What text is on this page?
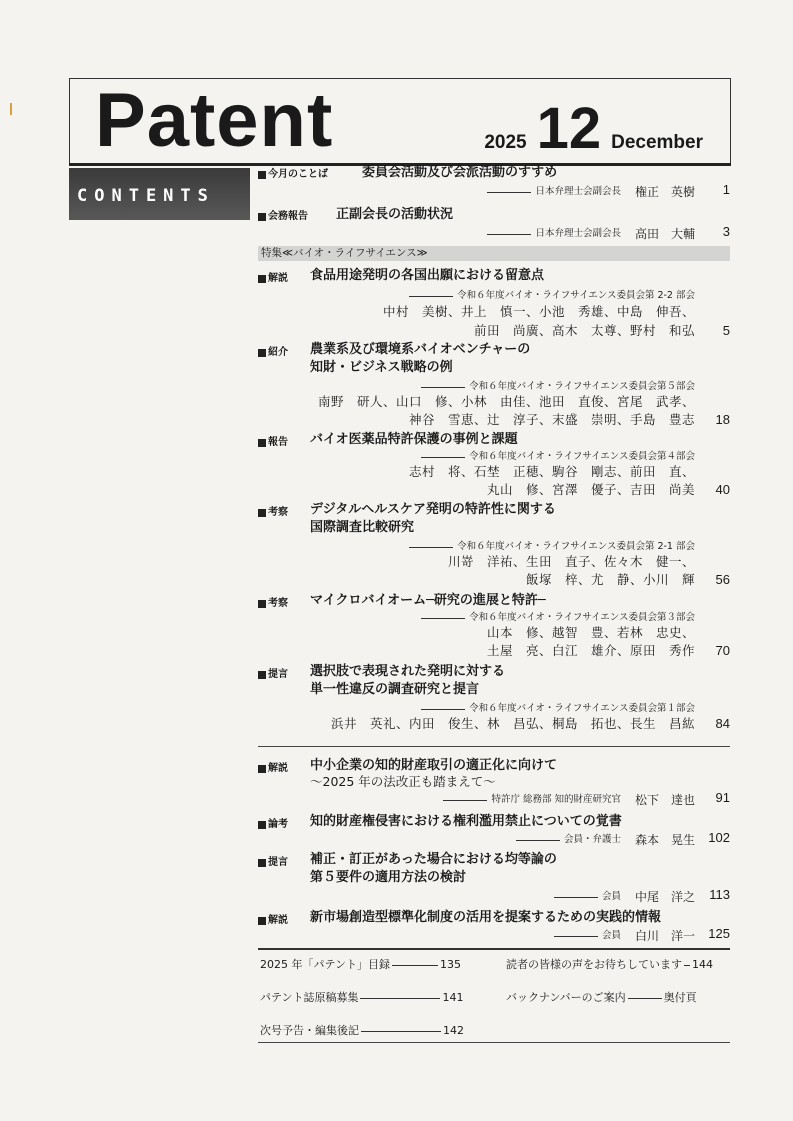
Patent	2025 12 December
CONTENTS
今月のことば	委員会活動及び会派活動のすすめ
日本弁理士会副会長 権正　英樹 1
会務報告 正副会長の活動状況
日本弁理士会副会長 高田　大輔 3
特集≪バイオ・ライフサイエンス≫
解説 食品用途発明の各国出願における留意点
令和６年度バイオ・ライフサイエンス委員会第 2-2 部会
中村　美樹、井上　慎一、小池　秀雄、中島　伸吾、
前田　尚廣、高木　太尊、野村　和弘 5
紹介 農業系及び環境系バイオベンチャーの
知財・ビジネス戦略の例
令和６年度バイオ・ライフサイエンス委員会第５部会
南野　研人、山口　修、小林　由佳、池田　直俊、宮尾　武孝、
神谷　雪恵、辻　淳子、末盛　崇明、手島　豊志 18
報告 バイオ医薬品特許保護の事例と課題
令和６年度バイオ・ライフサイエンス委員会第４部会
志村　将、石埜　正穂、駒谷　剛志、前田　直、
丸山　修、宮澤　優子、吉田　尚美 40
考察 デジタルヘルスケア発明の特許性に関する
国際調査比較研究
令和６年度バイオ・ライフサイエンス委員会第 2-1 部会
川嵜　洋祐、生田　直子、佐々木　健一、
飯塚　梓、尤　静、小川　輝 56
考察 マイクロバイオーム─研究の進展と特許─
令和６年度バイオ・ライフサイエンス委員会第３部会
山本　修、越智　豊、若林　忠史、
土屋　亮、白江　雄介、原田　秀作 70
提言 選択肢で表現された発明に対する
単一性違反の調査研究と提言
令和６年度バイオ・ライフサイエンス委員会第１部会
浜井　英礼、内田　俊生、林　昌弘、桐島　拓也、長生　昌紘 84
解説 中小企業の知的財産取引の適正化に向けて
〜2025 年の法改正も踏まえて〜
特許庁 総務部 知的財産研究官 松下　達也 91
論考 知的財産権侵害における権利濫用禁止についての覚書
会員・弁護士 森本　晃生 102
提言 補正・訂正があった場合における均等論の
第５要件の適用方法の検討
会員 中尾　洋之 113
解説 新市場創造型標準化制度の活用を提案するための実践的情報
会員 白川　洋一 125
2025 年「パテント」目録	135	読者の皆様の声をお待ちしています 144
パテント誌原稿募集	141	バックナンバーのご案内	奥付頁
次号予告・編集後記	142
